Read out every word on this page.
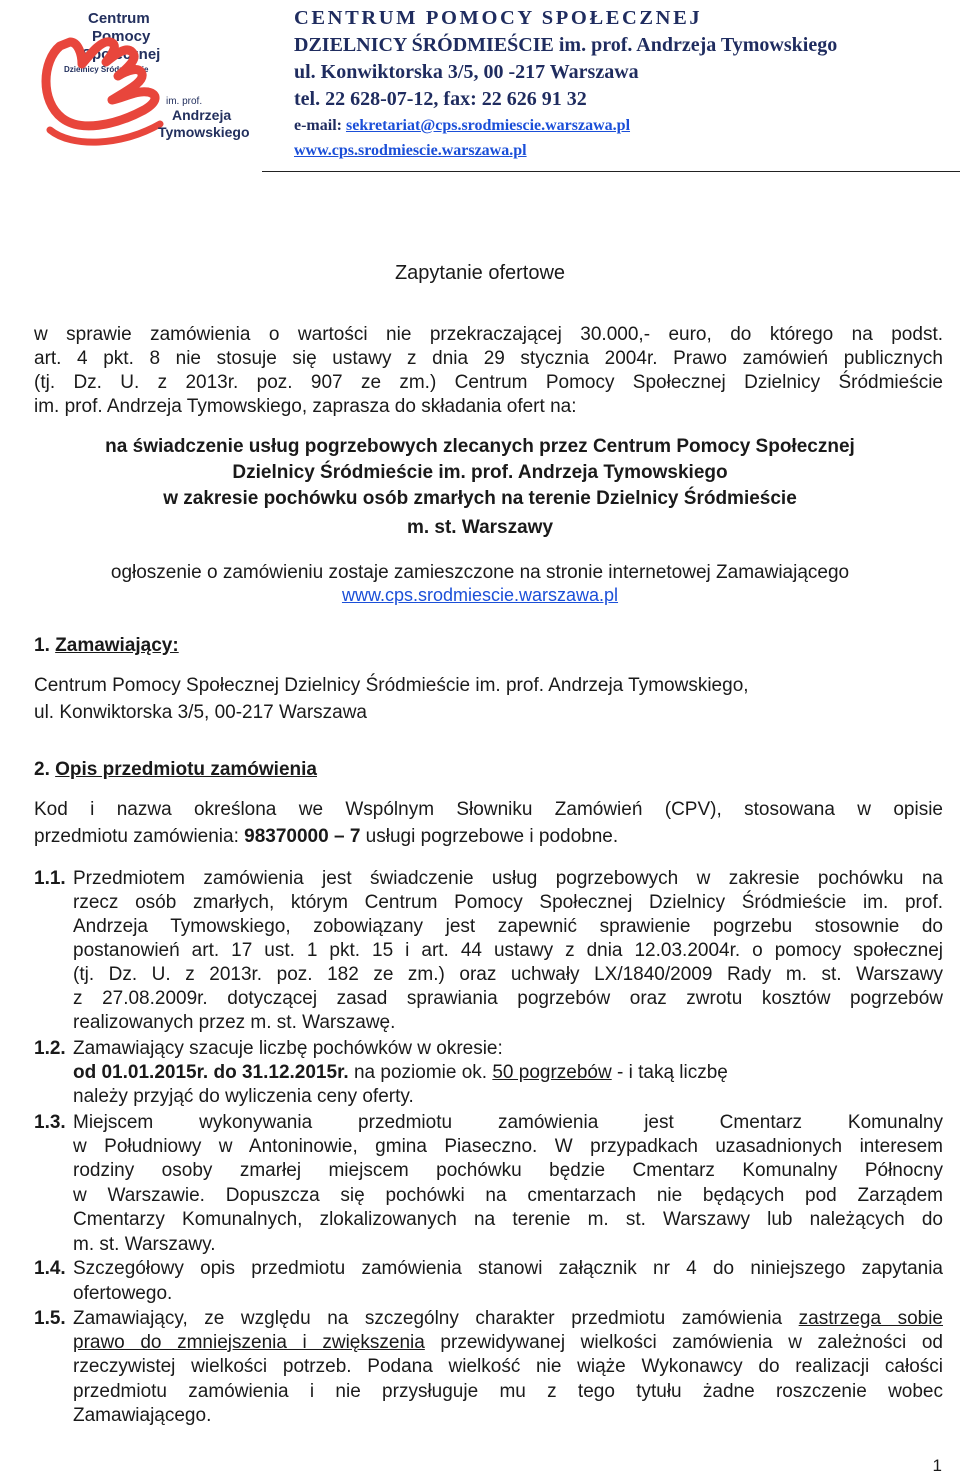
Centrum
Pomocy
Społecznej
Dzielnicy Śródmieście
im. prof.
Andrzeja
Tymowskiego
CENTRUM POMOCY SPOŁECZNEJ
DZIELNICY ŚRÓDMIEŚCIE im. prof. Andrzeja Tymowskiego
ul. Konwiktorska 3/5, 00 -217 Warszawa
tel. 22 628-07-12, fax: 22 626 91 32
e-mail: sekretariat@cps.srodmiescie.warszawa.pl
www.cps.srodmiescie.warszawa.pl
Zapytanie ofertowe
w sprawie zamówienia o wartości nie przekraczającej 30.000,- euro, do którego na podst.
art. 4 pkt. 8 nie stosuje się ustawy z dnia 29 stycznia 2004r. Prawo zamówień publicznych
(tj. Dz. U. z 2013r. poz. 907 ze zm.) Centrum Pomocy Społecznej Dzielnicy Śródmieście
im. prof. Andrzeja Tymowskiego, zaprasza do składania ofert na:
na świadczenie usług pogrzebowych zlecanych przez Centrum Pomocy Społecznej
Dzielnicy Śródmieście im. prof. Andrzeja Tymowskiego
w zakresie pochówku osób zmarłych na terenie Dzielnicy Śródmieście
m. st. Warszawy
ogłoszenie o zamówieniu zostaje zamieszczone na stronie internetowej Zamawiającego
www.cps.srodmiescie.warszawa.pl
1. Zamawiający:
Centrum Pomocy Społecznej Dzielnicy Śródmieście im. prof. Andrzeja Tymowskiego,
ul. Konwiktorska 3/5, 00-217 Warszawa
2. Opis przedmiotu zamówienia
Kod i nazwa określona we Wspólnym Słowniku Zamówień (CPV), stosowana w opisie
przedmiotu zamówienia: 98370000 – 7 usługi pogrzebowe i podobne.
1.1. Przedmiotem zamówienia jest świadczenie usług pogrzebowych w zakresie pochówku na
rzecz osób zmarłych, którym Centrum Pomocy Społecznej Dzielnicy Śródmieście im. prof.
Andrzeja Tymowskiego, zobowiązany jest zapewnić sprawienie pogrzebu stosownie do
postanowień art. 17 ust. 1 pkt. 15 i art. 44 ustawy z dnia 12.03.2004r. o pomocy społecznej
(tj. Dz. U. z 2013r. poz. 182 ze zm.) oraz uchwały LX/1840/2009 Rady m. st. Warszawy
z 27.08.2009r. dotyczącej zasad sprawiania pogrzebów oraz zwrotu kosztów pogrzebów
realizowanych przez m. st. Warszawę.
1.2. Zamawiający szacuje liczbę pochówków w okresie:
od 01.01.2015r. do 31.12.2015r. na poziomie ok. 50 pogrzebów - i taką liczbę
należy przyjąć do wyliczenia ceny oferty.
1.3. Miejscem wykonywania przedmiotu zamówienia jest Cmentarz Komunalny
w Południowy w Antoninowie, gmina Piaseczno. W przypadkach uzasadnionych interesem
rodziny osoby zmarłej miejscem pochówku będzie Cmentarz Komunalny Północny
w Warszawie. Dopuszcza się pochówki na cmentarzach nie będących pod Zarządem
Cmentarzy Komunalnych, zlokalizowanych na terenie m. st. Warszawy lub należących do
m. st. Warszawy.
1.4. Szczegółowy opis przedmiotu zamówienia stanowi załącznik nr 4 do niniejszego zapytania
ofertowego.
1.5. Zamawiający, ze względu na szczególny charakter przedmiotu zamówienia zastrzega sobie
prawo do zmniejszenia i zwiększenia przewidywanej wielkości zamówienia w zależności od
rzeczywistej wielkości potrzeb. Podana wielkość nie wiąże Wykonawcy do realizacji całości
przedmiotu zamówienia i nie przysługuje mu z tego tytułu żadne roszczenie wobec
Zamawiającego.
1
